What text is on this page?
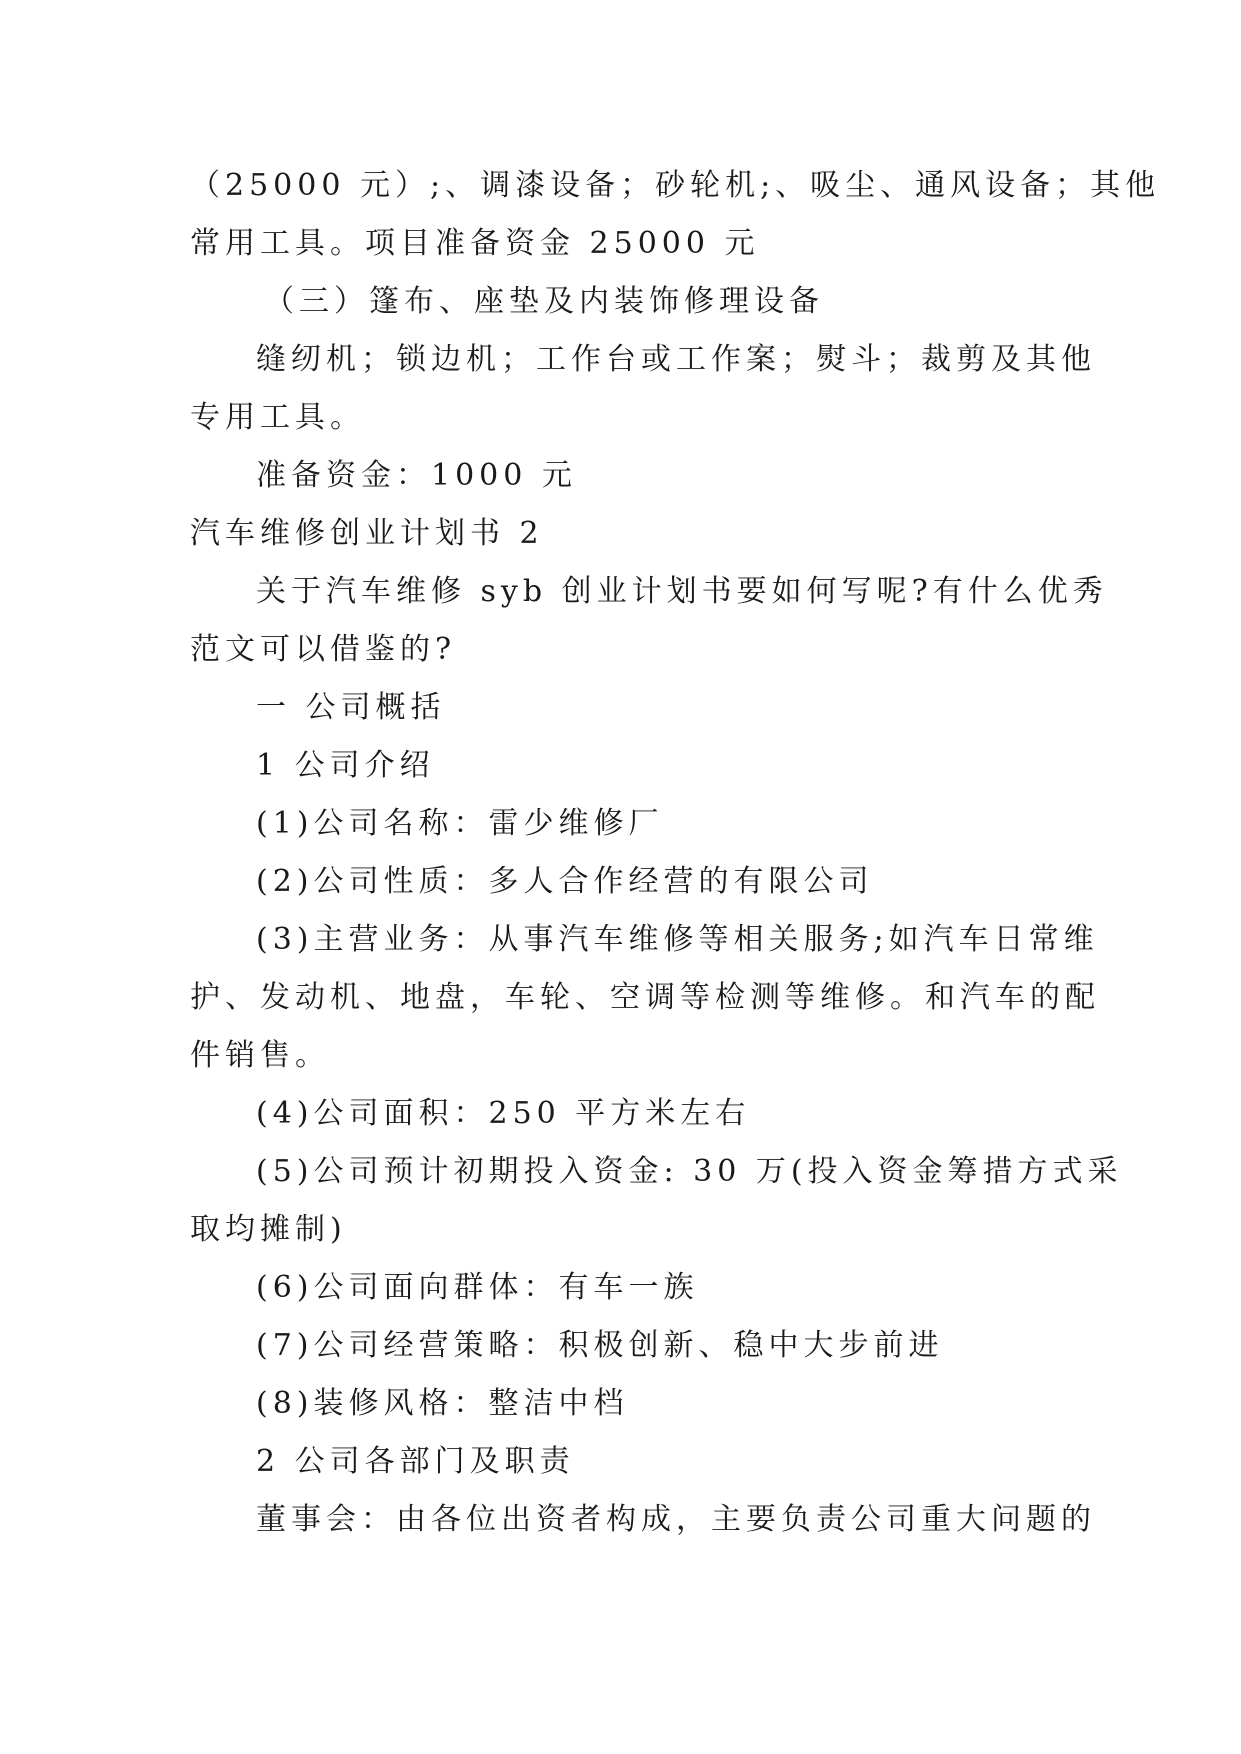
（25000 元）;、调漆设备；砂轮机;、吸尘、通风设备；其他
常用工具。项目准备资金 25000 元
（三）篷布、座垫及内装饰修理设备
缝纫机；锁边机；工作台或工作案；熨斗；裁剪及其他
专用工具。
准备资金：1000 元
汽车维修创业计划书 2
关于汽车维修 syb 创业计划书要如何写呢?有什么优秀
范文可以借鉴的?
一 公司概括
1 公司介绍
(1)公司名称：雷少维修厂
(2)公司性质：多人合作经营的有限公司
(3)主营业务：从事汽车维修等相关服务;如汽车日常维
护、发动机、地盘，车轮、空调等检测等维修。和汽车的配
件销售。
(4)公司面积：250 平方米左右
(5)公司预计初期投入资金: 30 万(投入资金筹措方式采
取均摊制)
(6)公司面向群体：有车一族
(7)公司经营策略：积极创新、稳中大步前进
(8)装修风格：整洁中档
2 公司各部门及职责
董事会：由各位出资者构成，主要负责公司重大问题的
